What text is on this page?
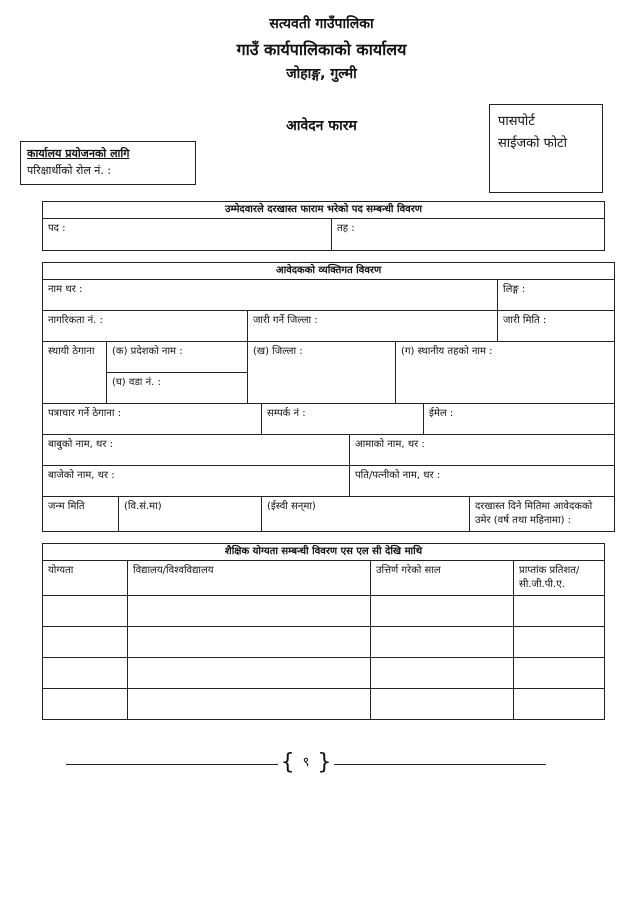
सत्यवती गाउँपालिका
गाउँ कार्यपालिकाको कार्यालय
जोहाङ्ग, गुल्मी
आवेदन फारम	पासपोर्ट
साईजको फोटो
कार्यालय प्रयोजनको लागि
परिक्षार्थीको रोल नं. :
उम्मेदवारले दरखास्त फाराम भरेको पद सम्बन्धी विवरण
पद :	तह :
आवेदकको व्यक्तिगत विवरण									
नाम थर :									लिङ्ग :
नागरिकता नं. :			जारी गर्ने जिल्ला :						जारी मिति :
स्थायी ठेगाना	(क) प्रदेशको नाम :		(ख) जिल्ला :			(ग) स्थानीय तहको नाम :			
	(घ) वडा नं. :								
पत्राचार गर्ने ठेगाना :				सम्पर्क नं :			ईमेल :		
बाबुको नाम, थर :					आमाको नाम, थर :				
बाजेको नाम, थर :					पति/पत्नीको नाम, थर :				
जन्म मिति		(वि.सं.मा)		(ईस्वी सन्‌मा)				दरखास्त दिने मितिमा आवेदकको उमेर (वर्ष तथा महिनामा) :	
शैक्षिक योग्यता सम्बन्धी विवरण एस एल सी देखि माथि			
योग्यता	विद्यालय/विश्वविद्यालय	उत्तिर्ण गरेको साल	प्राप्तांक प्रतिशत/सी.जी.पी.ए.

{ ९ }
